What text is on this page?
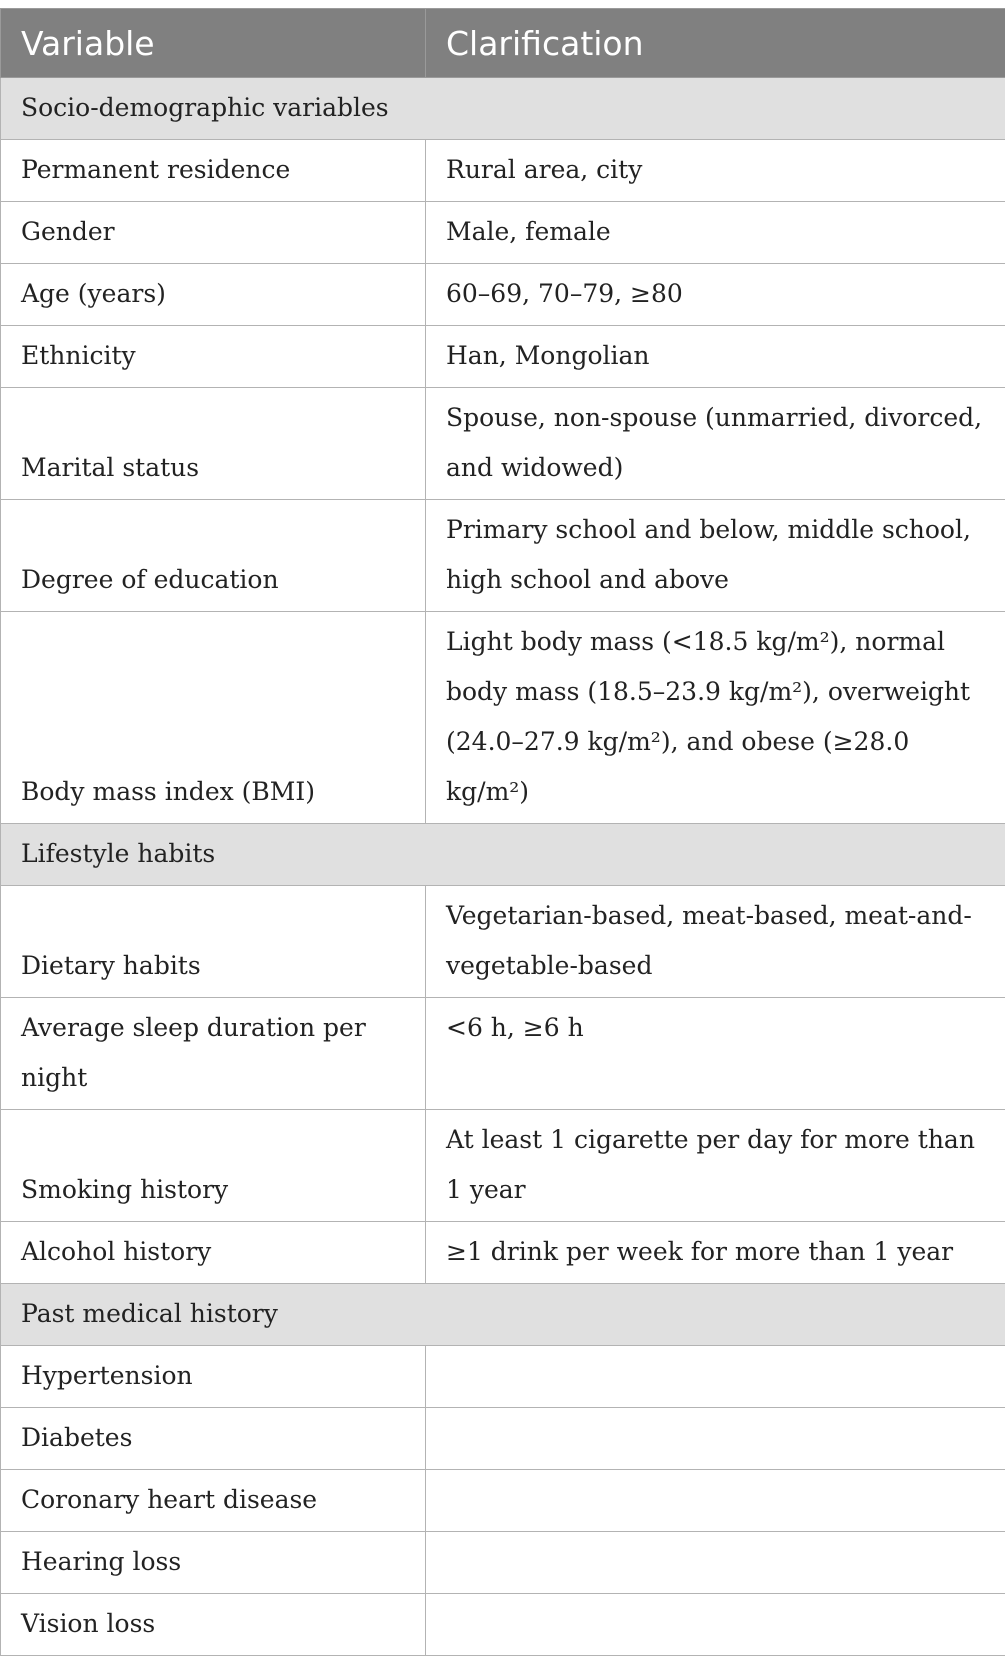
Variable	Clarification
Socio-demographic variables	
Permanent residence	Rural area, city
Gender	Male, female
Age (years)	60–69, 70–79, ≥80
Ethnicity	Han, Mongolian
Marital status	Spouse, non-spouse (unmarried, divorced, and widowed)
Degree of education	Primary school and below, middle school, high school and above
Body mass index (BMI)	Light body mass (<18.5 kg/m²), normal body mass (18.5–23.9 kg/m²), overweight (24.0–27.9 kg/m²), and obese (≥28.0 kg/m²)
Lifestyle habits	
Dietary habits	Vegetarian-based, meat-based, meat-and-vegetable-based
Average sleep duration per night	<6 h, ≥6 h
Smoking history	At least 1 cigarette per day for more than 1 year
Alcohol history	≥1 drink per week for more than 1 year
Past medical history	
Hypertension	
Diabetes	
Coronary heart disease	
Hearing loss	
Vision loss	
